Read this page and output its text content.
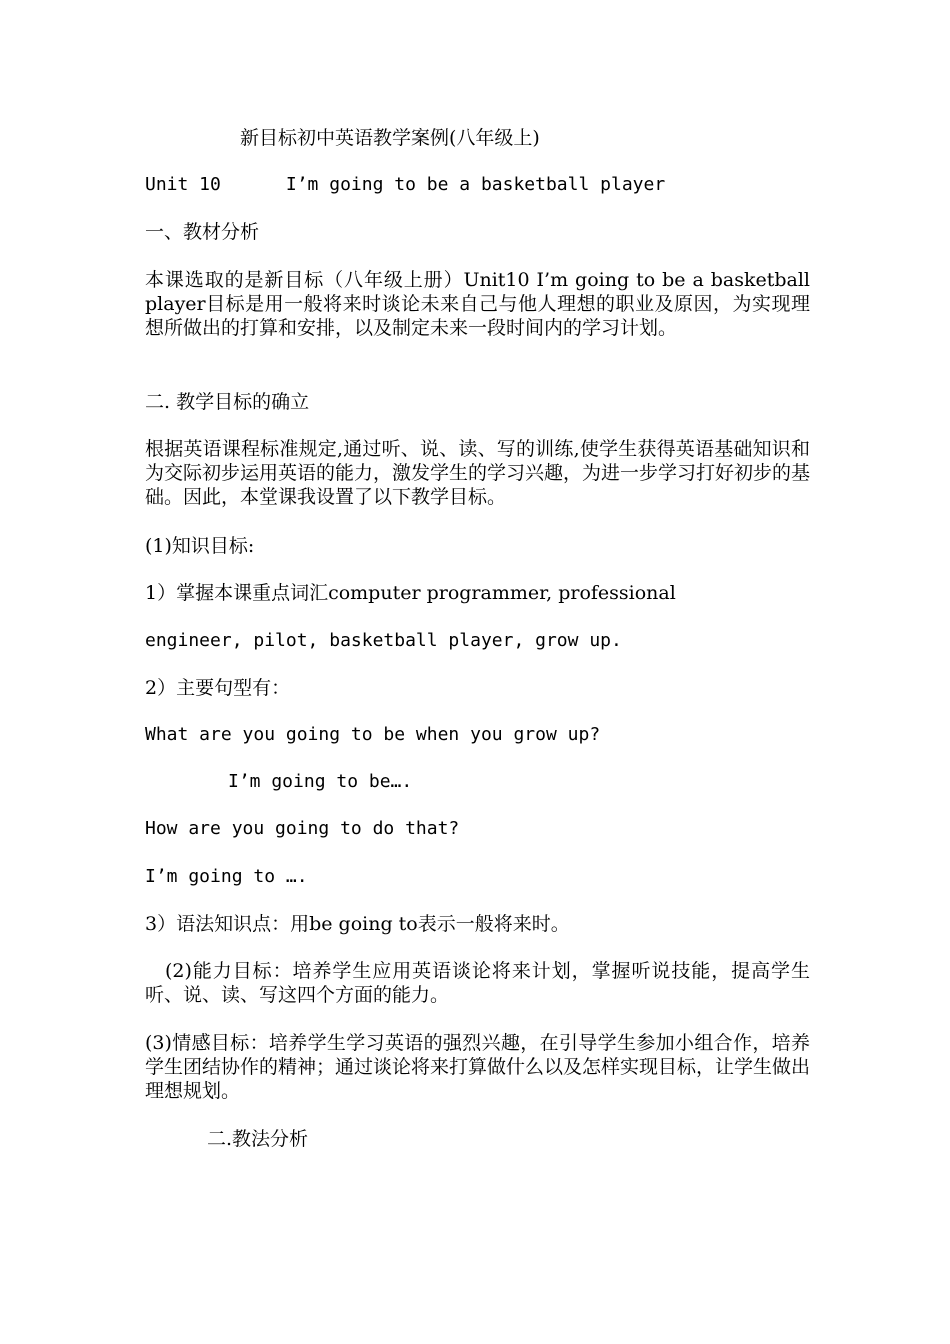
新目标初中英语教学案例(八年级上)
Unit 10      I’m going to be a basketball player
一、教材分析
本课选取的是新目标（八年级上册）Unit10 I’m going to be a basketball player目标是用一般将来时谈论未来自己与他人理想的职业及原因，为实现理想所做出的打算和安排，以及制定未来一段时间内的学习计划。
二. 教学目标的确立
根据英语课程标准规定,通过听、说、读、写的训练,使学生获得英语基础知识和为交际初步运用英语的能力，激发学生的学习兴趣，为进一步学习打好初步的基础。因此，本堂课我设置了以下教学目标。
(1)知识目标:
1）掌握本课重点词汇computer programmer, professional
engineer, pilot, basketball player, grow up.
2）主要句型有：
What are you going to be when you grow up?
I’m going to be….
How are you going to do that?
I’m going to ….
3）语法知识点：用be going to表示一般将来时。
(2)能力目标：培养学生应用英语谈论将来计划，掌握听说技能，提高学生听、说、读、写这四个方面的能力。
(3)情感目标：培养学生学习英语的强烈兴趣，在引导学生参加小组合作，培养学生团结协作的精神；通过谈论将来打算做什么以及怎样实现目标，让学生做出理想规划。
二.教法分析
